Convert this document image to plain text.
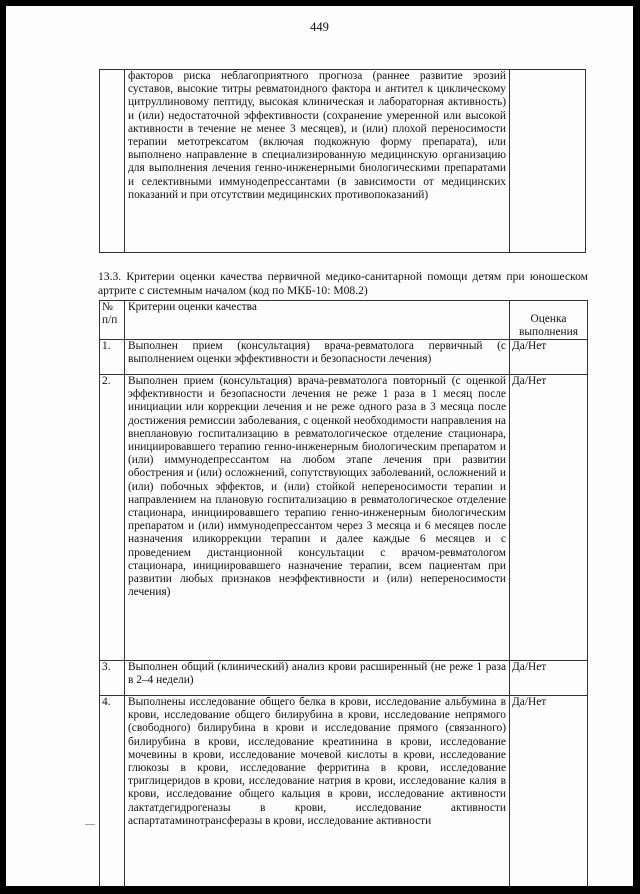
449

факторов риска неблагоприятного прогноза (раннее развитие эрозий суставов, высокие титры ревматоидного фактора и антител к циклическому цитруллиновому пептиду, высокая клиническая и лабораторная активность) и (или) недостаточной эффективности (сохранение умеренной или высокой активности в течение не менее 3 месяцев), и (или) плохой переносимости терапии метотрексатом (включая подкожную форму препарата), или выполнено направление в специализированную медицинскую организацию для выполнения лечения генно-инженерными биологическими препаратами и селективными иммунодепрессантами (в зависимости от медицинских показаний и при отсутствии медицинских противопоказаний)

13.3. Критерии оценки качества первичной медико-санитарной помощи детям при юношеском артрите с системным началом (код по МКБ-10: М08.2)
№ п/п	Критерии оценки качества	Оценка выполнения

1.	Выполнен прием (консультация) врача-ревматолога первичный (с выполнением оценки эффективности и безопасности лечения)	Да/Нет
2.	Выполнен прием (консультация) врача-ревматолога повторный (с оценкой эффективности и безопасности лечения не реже 1 раза в 1 месяц после инициации или коррекции лечения и не реже одного раза в 3 месяца после достижения ремиссии заболевания, с оценкой необходимости направления на внеплановую госпитализацию в ревматологическое отделение стационара, инициировавшего терапию генно-инженерным биологическим препаратом и (или) иммунодепрессантом на любом этапе лечения при развитии обострения и (или) осложнений, сопутствующих заболеваний, осложнений и (или) побочных эффектов, и (или) стойкой непереносимости терапии и направлением на плановую госпитализацию в ревматологическое отделение стационара, инициировавшего терапию генно-инженерным биологическим препаратом и (или) иммунодепрессантом через 3 месяца и 6 месяцев после назначения иликоррекции терапии и далее каждые 6 месяцев и с проведением дистанционной консультации с врачом-ревматологом стационара, инициировавшего назначение терапии, всем пациентам при развитии любых признаков неэффективности и (или) непереносимости лечения)	Да/Нет
3.	Выполнен общий (клинический) анализ крови расширенный (не реже 1 раза в 2–4 недели)	Да/Нет
4.	Выполнены исследование общего белка в крови, исследование альбумина в крови, исследование общего билирубина в крови, исследование непрямого (свободного) билирубина в крови и исследование прямого (связанного) билирубина в крови, исследование креатинина в крови, исследование мочевины в крови, исследование мочевой кислоты в крови, исследование глюкозы в крови, исследование ферритина в крови, исследование триглицеридов в крови, исследование натрия в крови, исследование калия в крови, исследование общего кальция в крови, исследование активности лактатдегидрогеназы в крови, исследование активности аспартатаминотрансферазы в крови, исследование активности	Да/Нет
—
